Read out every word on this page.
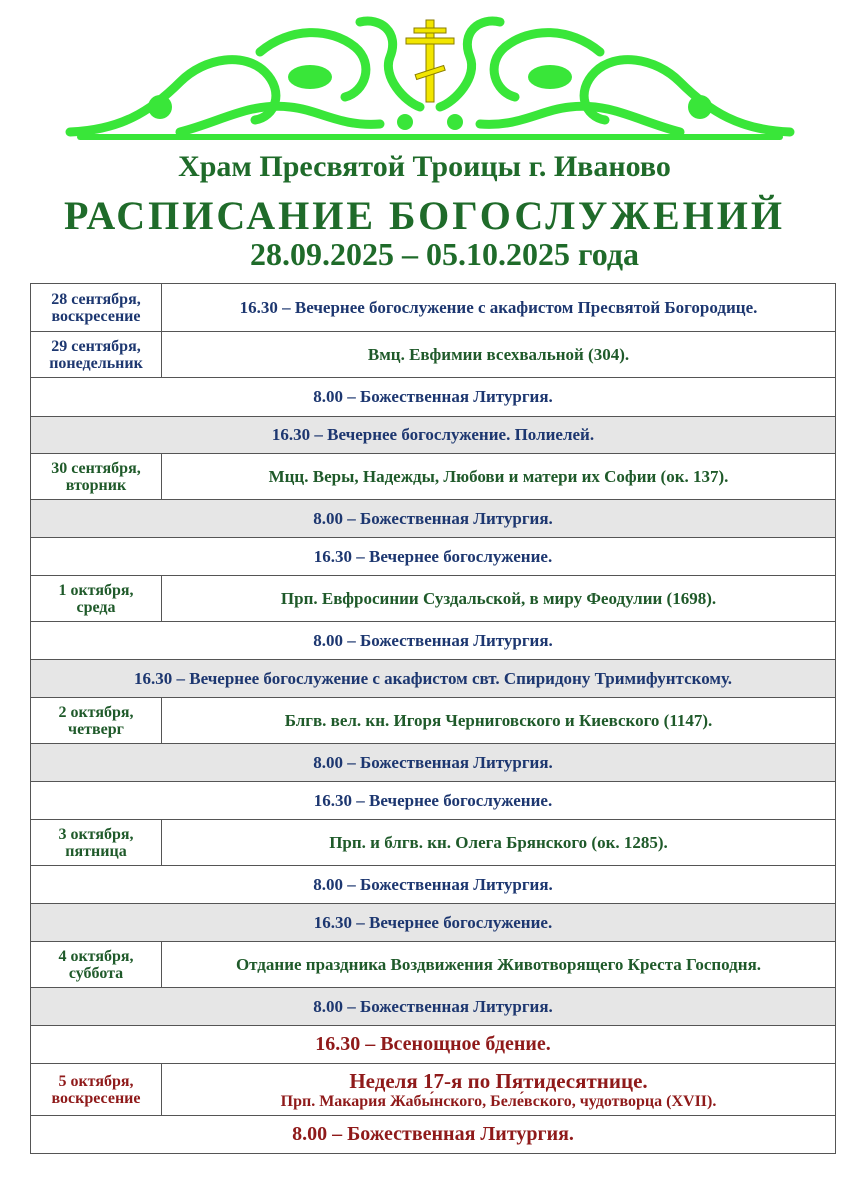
Храм Пресвятой Троицы г. Иваново
РАСПИСАНИЕ БОГОСЛУЖЕНИЙ
28.09.2025 – 05.10.2025 года
28 сентября,
воскресение	16.30 – Вечернее богослужение с акафистом Пресвятой Богородице.
29 сентября,
понедельник	Вмц. Евфимии всехвальной (304).
8.00 – Божественная Литургия.	
16.30 – Вечернее богослужение. Полиелей.	
30 сентября,
вторник	Мцц. Веры, Надежды, Любови и матери их Софии (ок. 137).
8.00 – Божественная Литургия.	
16.30 – Вечернее богослужение.	
1 октября,
среда	Прп. Евфросинии Суздальской, в миру Феодулии (1698).
8.00 – Божественная Литургия.	
16.30 – Вечернее богослужение с акафистом свт. Спиридону Тримифунтскому.	
2 октября,
четверг	Блгв. вел. кн. Игоря Черниговского и Киевского (1147).
8.00 – Божественная Литургия.	
16.30 – Вечернее богослужение.	
3 октября,
пятница	Прп. и блгв. кн. Олега Брянского (ок. 1285).
8.00 – Божественная Литургия.	
16.30 – Вечернее богослужение.	
4 октября,
суббота	Отдание праздника Воздвижения Животворящего Креста Господня.
8.00 – Божественная Литургия.	
16.30 – Всенощное бдение.	
5 октября,
воскресение	Неделя 17-я по Пятидесятнице.
Прп. Макария Жабы́нского, Беле́вского, чудотворца (XVII).

8.00 – Божественная Литургия.	
